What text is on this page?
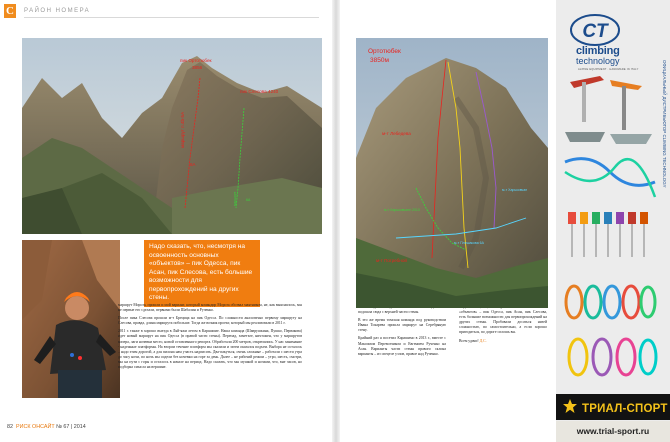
С	РАЙОН НОМЕРА
пик Ортотюбек
3856
пик Слесова 4240
маршрут п.4b-5А
6А
маршрут	6А
Надо сказать, что, несмотря на освоенность основных «объектов» – пик Одесса, пик Асан, пик Слесова, есть большие возможности для первопрохождений на других стены.

маршрут Мороза, прошли и мой вариант, который командир Мороза обозвал маятником, не, как выяснилось, мы не первые его сделали, первыми были Шабалин и Рученко.

После пика Слесова прошли м-т Брецица на пик Одесса. По сложности аналогично первому маршруту на Слесова, правда, длина маршрута побольше. Тогда же возник проект, который мы реализовали в 2011 г.

2011 г. также в хорошо выезда в Ляй-яжи летом в Карашиме. Наша команда (Шаврушкина, Пушко, Первакова) идет новый маршрут на пик Одесса (в правой части стены). Перепад, заметьте, ничтожен, что у маршрутов копера, лаги ночевки место, новой оставленного репорта. Обработали 200 метров, открепились. У нас занимание - надежные платформы. На втором течение платформ мы скалили и затем оказался подъем. Выбора не осталось – надо этим дорогой, а для пилона нам участь надписать. Два-пакуться, очень сложные – работали с шести утра до часу ночи, по ночь мы сидели без ночевки на горе за день. Далее – не рабочий режим – утро, шесть, смотри, мы на пути с горы и осталось в начале на период. Надо сказать, что мы мушкой и ночами, что, вне часов, но подборка смысла на вершине.

подошла сюда с верхней части стены.

В это же время томская команда под руководством Ивана Токарева прошла маршрут на Серебряную стену.

Крайний раз я посетил Карашимо в 2013 г., вместе с Максимом Перевозчиком и Евгением Рученко на Асан. Варианты части стены правого склона варианты – из спецтое узлов, правое над Рученко.

«объектов» – пик Одесса, пик Асан, пик Слесова, есть большие возможности для первопрохождений на других стены. Пробовали досаться низей сложностью, по самостоятельно, а если хорошо пригодиться, по дороге сплошь вы.

Всем удачи! Д.С.

Ортотюбек
3850м
м-т Лебедева
м-т Харьковчане 2010
м-т Погребной
м-т Плешакова 6А
м-т Харьковчан
82 РИСК ОНСАЙТ № 67 | 2014
CT
climbing
technology
ALPINE EQUIPMENT · HANDMADE IN ITALY	ОФИЦИАЛЬНЫЙ ДИСТРИБЬЮТОР CLIMBING TECHNOLOGY
ТРИАЛ-СПОРТ
www.trial-sport.ru
